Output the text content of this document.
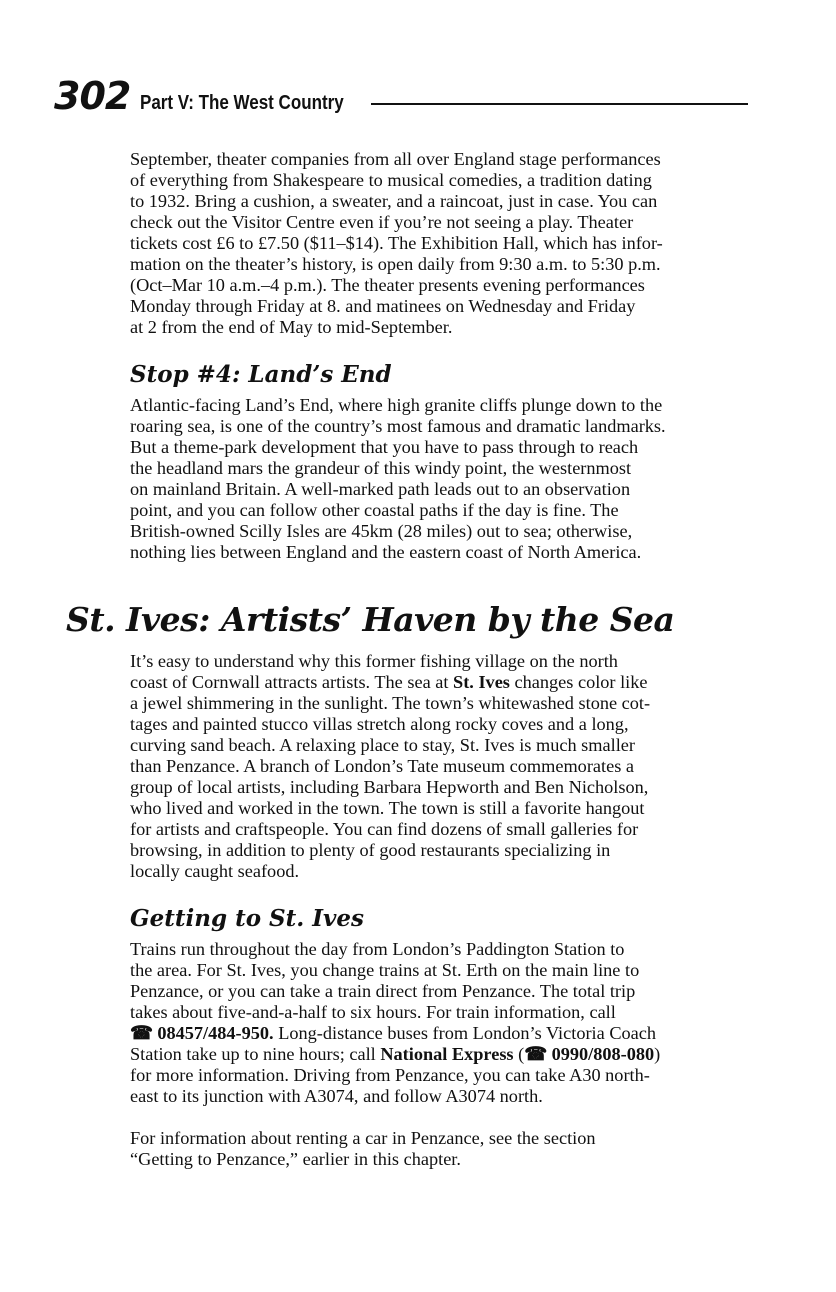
302 Part V: The West Country
September, theater companies from all over England stage performances
of everything from Shakespeare to musical comedies, a tradition dating
to 1932. Bring a cushion, a sweater, and a raincoat, just in case. You can
check out the Visitor Centre even if you’re not seeing a play. Theater
tickets cost £6 to £7.50 ($11–$14). The Exhibition Hall, which has infor-
mation on the theater’s history, is open daily from 9:30 a.m. to 5:30 p.m.
(Oct–Mar 10 a.m.–4 p.m.). The theater presents evening performances
Monday through Friday at 8. and matinees on Wednesday and Friday
at 2 from the end of May to mid-September.
Stop #4: Land’s End
Atlantic-facing Land’s End, where high granite cliffs plunge down to the
roaring sea, is one of the country’s most famous and dramatic landmarks.
But a theme-park development that you have to pass through to reach
the headland mars the grandeur of this windy point, the westernmost
on mainland Britain. A well-marked path leads out to an observation
point, and you can follow other coastal paths if the day is fine. The
British-owned Scilly Isles are 45km (28 miles) out to sea; otherwise,
nothing lies between England and the eastern coast of North America.
St. Ives: Artists’ Haven by the Sea
It’s easy to understand why this former fishing village on the north
coast of Cornwall attracts artists. The sea at St. Ives changes color like
a jewel shimmering in the sunlight. The town’s whitewashed stone cot-
tages and painted stucco villas stretch along rocky coves and a long,
curving sand beach. A relaxing place to stay, St. Ives is much smaller
than Penzance. A branch of London’s Tate museum commemorates a
group of local artists, including Barbara Hepworth and Ben Nicholson,
who lived and worked in the town. The town is still a favorite hangout
for artists and craftspeople. You can find dozens of small galleries for
browsing, in addition to plenty of good restaurants specializing in
locally caught seafood.
Getting to St. Ives
Trains run throughout the day from London’s Paddington Station to
the area. For St. Ives, you change trains at St. Erth on the main line to
Penzance, or you can take a train direct from Penzance. The total trip
takes about five-and-a-half to six hours. For train information, call
☎ 08457/484-950. Long-distance buses from London’s Victoria Coach
Station take up to nine hours; call National Express (☎ 0990/808-080)
for more information. Driving from Penzance, you can take A30 north-
east to its junction with A3074, and follow A3074 north.
For information about renting a car in Penzance, see the section
“Getting to Penzance,” earlier in this chapter.
